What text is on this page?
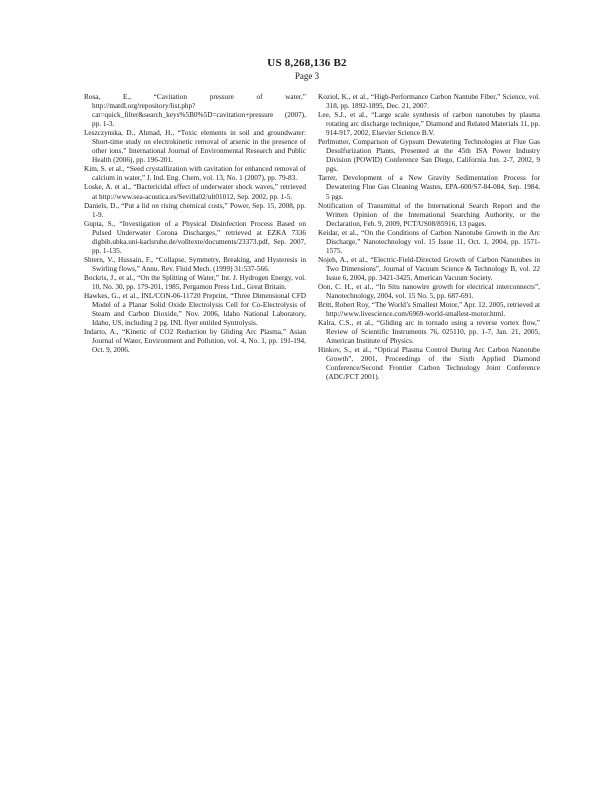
US 8,268,136 B2
Page 3

Rosa, E., “Cavitation pressure of water,” http://matdl.org/repository/list.php?cat=quick_filter&search_keys%5B0%5D=cavitation+pressure (2007), pp. 1-3.

Leszczynska, D., Ahmad, H., “Toxic elements in soil and groundwater: Short-time study on electrokinetic removal of arsenic in the presence of other ions,” International Journal of Environmental Research and Public Health (2006), pp. 196-201.

Kim, S. et al., “Seed crystallization with cavitation for enhanced removal of calcium in water,” J. Ind. Eng. Chem, vol. 13, No. 1 (2007), pp. 79-83.

Loske, A. et al., “Bactericidal effect of underwater shock waves,” retrieved at http://www.sea-acustica.es/Sevilla02/ult01012, Sep. 2002, pp. 1-5.

Daniels, D., “Put a lid on rising chemical costs,” Power, Sep. 15, 2008, pp. 1-9.

Gupta, S., “Investigation of a Physical Disinfection Process Based on Pulsed Underwater Corona Discharges,” retrieved at EZKA 7336 digbib.ubka.uni-karlsruhe.de/volltexte/documents/23373.pdf, Sep. 2007, pp. 1-135.

Shtern, V., Hussain, F., “Collapse, Symmetry, Breaking, and Hysteresis in Swirling flows,” Annu. Rev. Fluid Mech. (1999) 31:537-566.

Bockris, J., et al., “On the Splitting of Water,” Int. J. Hydrogen Energy, vol. 10, No. 30, pp. 179-201, 1985, Pergamon Press Ltd., Great Britain.

Hawkes, G., et al., INL/CON-06-11720 Preprint, “Three Dimensional CFD Model of a Planar Solid Oxide Electrolysis Cell for Co-Electrolysis of Steam and Carbon Dioxide,” Nov. 2006, Idaho National Laboratory, Idaho, US, including 2 pg. INL flyer entitled Syntrolysis.

Indarto, A., “Kinetic of CO2 Reduction by Gliding Arc Plasma,” Asian Journal of Water, Environment and Pollution, vol. 4, No. 1, pp. 191-194, Oct. 9, 2006.

Koziol, K., et al., “High-Performance Carbon Nantube Fiber,” Science, vol. 318, pp. 1892-1895, Dec. 21, 2007.

Lee, S.J., et al., “Large scale synthesis of carbon nanotubes by plasma rotating arc discharge technique,” Diamond and Related Materials 11, pp. 914-917, 2002, Elsevier Science B.V.

Perlmutter, Comparison of Gypsum Dewatering Technologies at Flue Gas Desulfurization Plants, Presented at the 45th ISA Power Industry Division (POWID) Conference San Diego, California Jun. 2-7, 2002, 9 pgs.

Tarrer, Development of a New Gravity Sedimentation Process for Dewatering Flue Gas Cleaning Wastes, EPA-600/S7-84-084, Sep. 1984, 5 pgs.

Notification of Transmittal of the International Search Report and the Written Opinion of the International Searching Authority, or the Declaration, Feb. 9, 2009, PCT/US08/85916, 13 pages.

Keidar, et al., “On the Conditions of Carbon Nanotube Growth in the Arc Discharge,” Nanotechnology vol. 15 Issue 11, Oct. 1, 2004, pp. 1571-1575.

Nojeh, A., et al., “Electric-Field-Directed Growth of Carbon Nanotubes in Two Dimensions”, Journal of Vacuum Science & Technology B, vol. 22 Issue 6, 2004, pp. 3421-3425, American Vacuum Society.

Oon, C. H., et al., “In Situ nanowire growth for electrical interconnects”, Nanotechnology, 2004, vol. 15 No. 5, pp. 687-691.

Britt, Robert Roy, “The World’s Smallest Motor,” Apr. 12, 2005, retrieved at http://www.livescience.com/6969-world-smallest-motor.html.

Kalra, C.S., et al., “Gliding arc in tornado using a reverse vortex flow,” Review of Scientific Instruments 76, 025110, pp. 1-7, Jan. 21, 2005, American Institute of Physics.

Hinkov, S., et al., “Optical Plasma Control During Arc Carbon Nanotube Growth”, 2001, Proceedings of the Sixth Applied Diamond Conference/Second Frontier Carbon Technology Joint Conference (ADC/FCT 2001).
